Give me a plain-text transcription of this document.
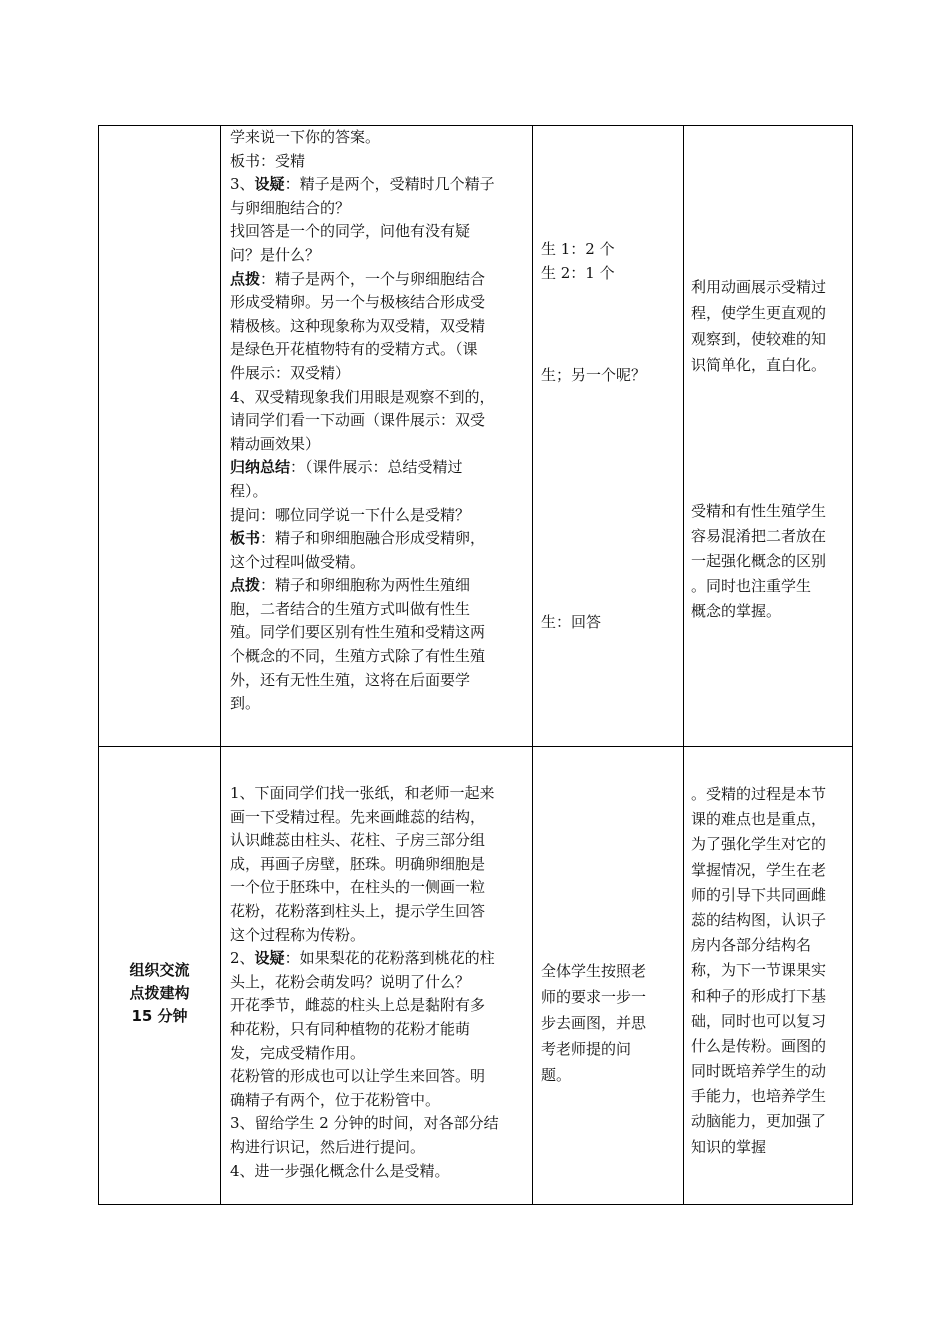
学来说一下你的答案。
板书：受精
3、设疑：精子是两个，受精时几个精子
与卵细胞结合的？
找回答是一个的同学，问他有没有疑
问？是什么？
点拨：精子是两个，一个与卵细胞结合
形成受精卵。另一个与极核结合形成受
精极核。这种现象称为双受精，双受精
是绿色开花植物特有的受精方式。（课
件展示：双受精）
4、双受精现象我们用眼是观察不到的，
请同学们看一下动画（课件展示：双受
精动画效果）
归纳总结：（课件展示：总结受精过
程）。
提问：哪位同学说一下什么是受精？
板书：精子和卵细胞融合形成受精卵，
这个过程叫做受精。
点拨：精子和卵细胞称为两性生殖细
胞，二者结合的生殖方式叫做有性生
殖。同学们要区别有性生殖和受精这两
个概念的不同，生殖方式除了有性生殖
外，还有无性生殖，这将在后面要学
到。
生 1：2 个
生 2：1 个
生；另一个呢？
生：回答
利用动画展示受精过
程，使学生更直观的
观察到，使较难的知
识简单化，直白化。
受精和有性生殖学生
容易混淆把二者放在
一起强化概念的区别
。同时也注重学生
概念的掌握。
组织交流
点拨建构
15 分钟
1、下面同学们找一张纸，和老师一起来
画一下受精过程。先来画雌蕊的结构，
认识雌蕊由柱头、花柱、子房三部分组
成，再画子房壁，胚珠。明确卵细胞是
一个位于胚珠中，在柱头的一侧画一粒
花粉，花粉落到柱头上，提示学生回答
这个过程称为传粉。
2、设疑：如果梨花的花粉落到桃花的柱
头上，花粉会萌发吗？说明了什么？
开花季节，雌蕊的柱头上总是黏附有多
种花粉，只有同种植物的花粉才能萌
发，完成受精作用。
花粉管的形成也可以让学生来回答。明
确精子有两个，位于花粉管中。
3、留给学生 2 分钟的时间，对各部分结
构进行识记，然后进行提问。
4、进一步强化概念什么是受精。
全体学生按照老
师的要求一步一
步去画图，并思
考老师提的问
题。
。受精的过程是本节
课的难点也是重点，
为了强化学生对它的
掌握情况，学生在老
师的引导下共同画雌
蕊的结构图，认识子
房内各部分结构名
称，为下一节课果实
和种子的形成打下基
础，同时也可以复习
什么是传粉。画图的
同时既培养学生的动
手能力，也培养学生
动脑能力，更加强了
知识的掌握
